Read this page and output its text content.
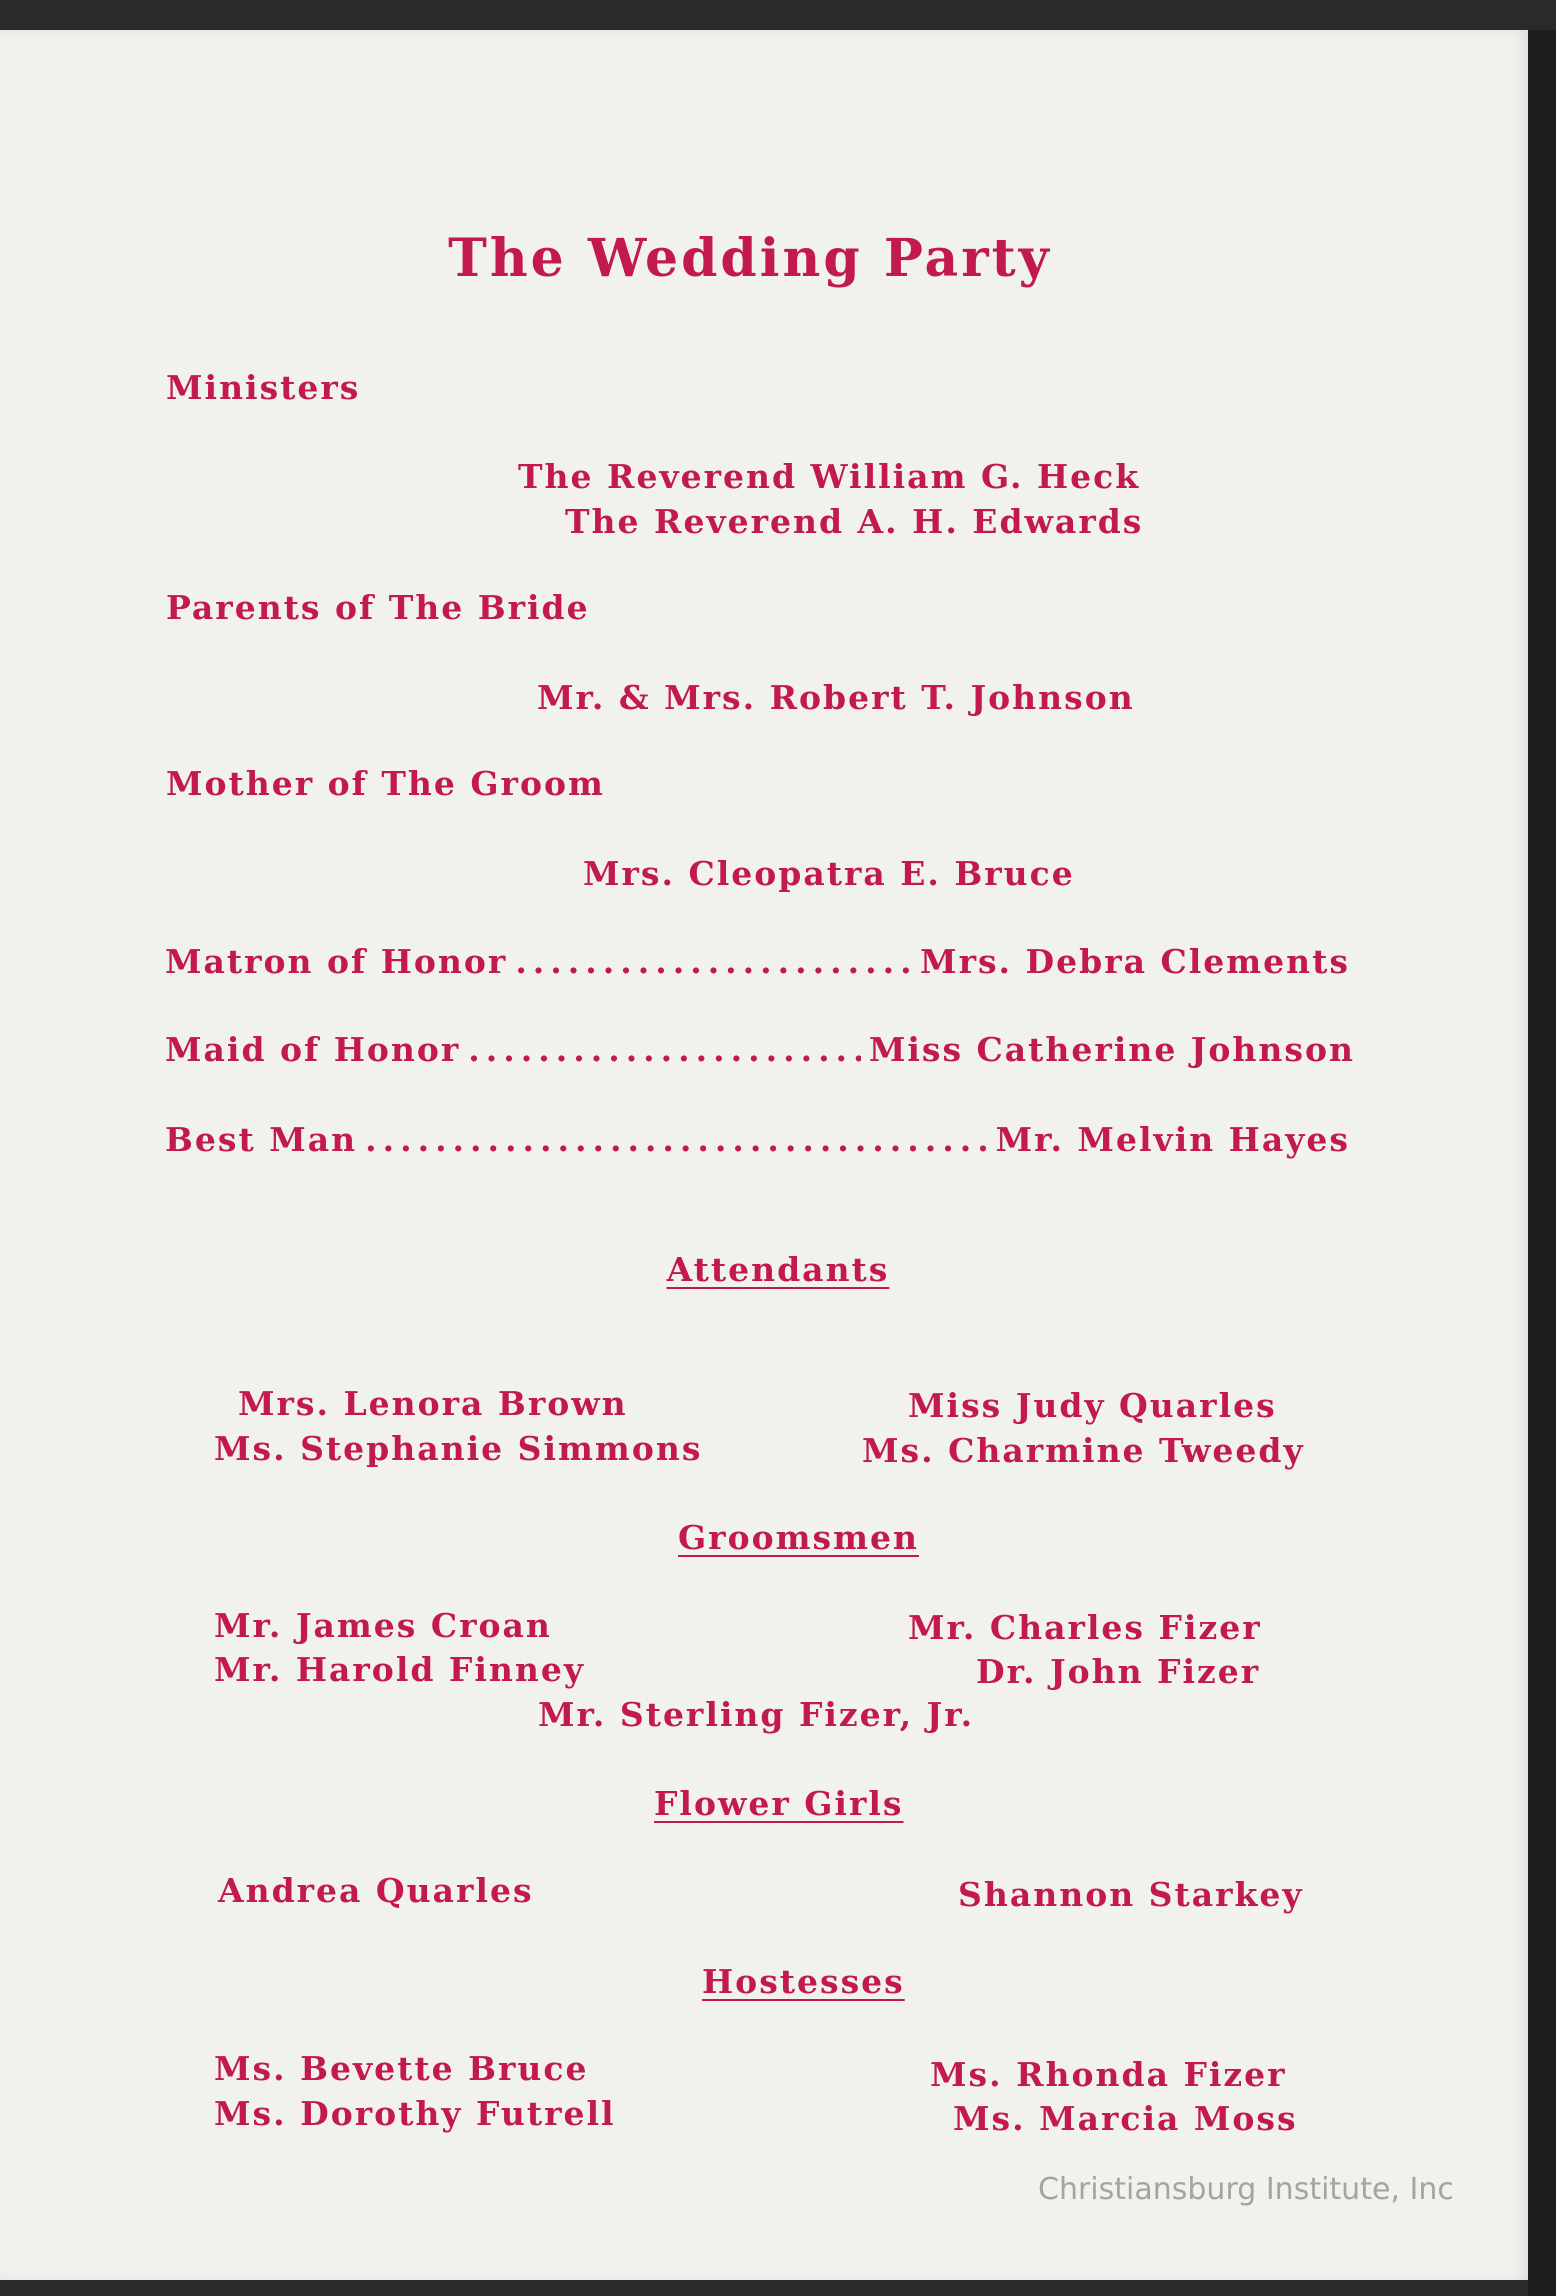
The Wedding Party
Ministers
The Reverend William G. Heck
The Reverend A. H. Edwards
Parents of The Bride
Mr. & Mrs. Robert T. Johnson
Mother of The Groom
Mrs. Cleopatra E. Bruce
Matron of Honor .....	Mrs. Debra Clements
Maid of Honor .....	Miss Catherine Johnson
Best Man .....	Mr. Melvin Hayes
Attendants
Mrs. Lenora Brown
Ms. Stephanie Simmons
Miss Judy Quarles
Ms. Charmine Tweedy
Groomsmen
Mr. James Croan
Mr. Harold Finney
Mr. Charles Fizer
Dr. John Fizer
Mr. Sterling Fizer, Jr.
Flower Girls
Andrea Quarles	Shannon Starkey
Hostesses
Ms. Bevette Bruce
Ms. Dorothy Futrell
Ms. Rhonda Fizer
Ms. Marcia Moss
Christiansburg Institute, Inc
